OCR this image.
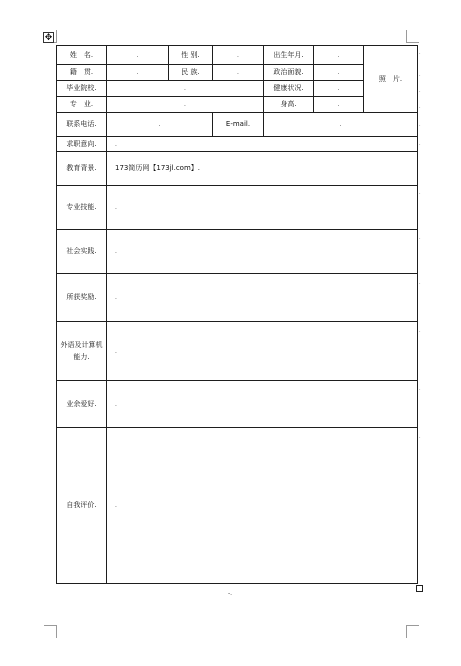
✥
姓　名.	.	性 别.	.	出生年月.	.	照　片.
籍　贯.	.	民 族.	.	政治面貌.	.	
毕业院校.	.			健康状况.	.	
专　业.	.			身高.	.	
联系电话.	.		E-mail.	.		
求职意向.	.					
教育背景.	173简历网【173jl.com】.					
专业技能.	.					
社会实践.	.					
所获奖励.	.					

外语及计算机
能力.	.					
业余爱好.	.					
自我评价.	.					
-.
.
.
.
.
.
.
.
.
.
.
.
.
